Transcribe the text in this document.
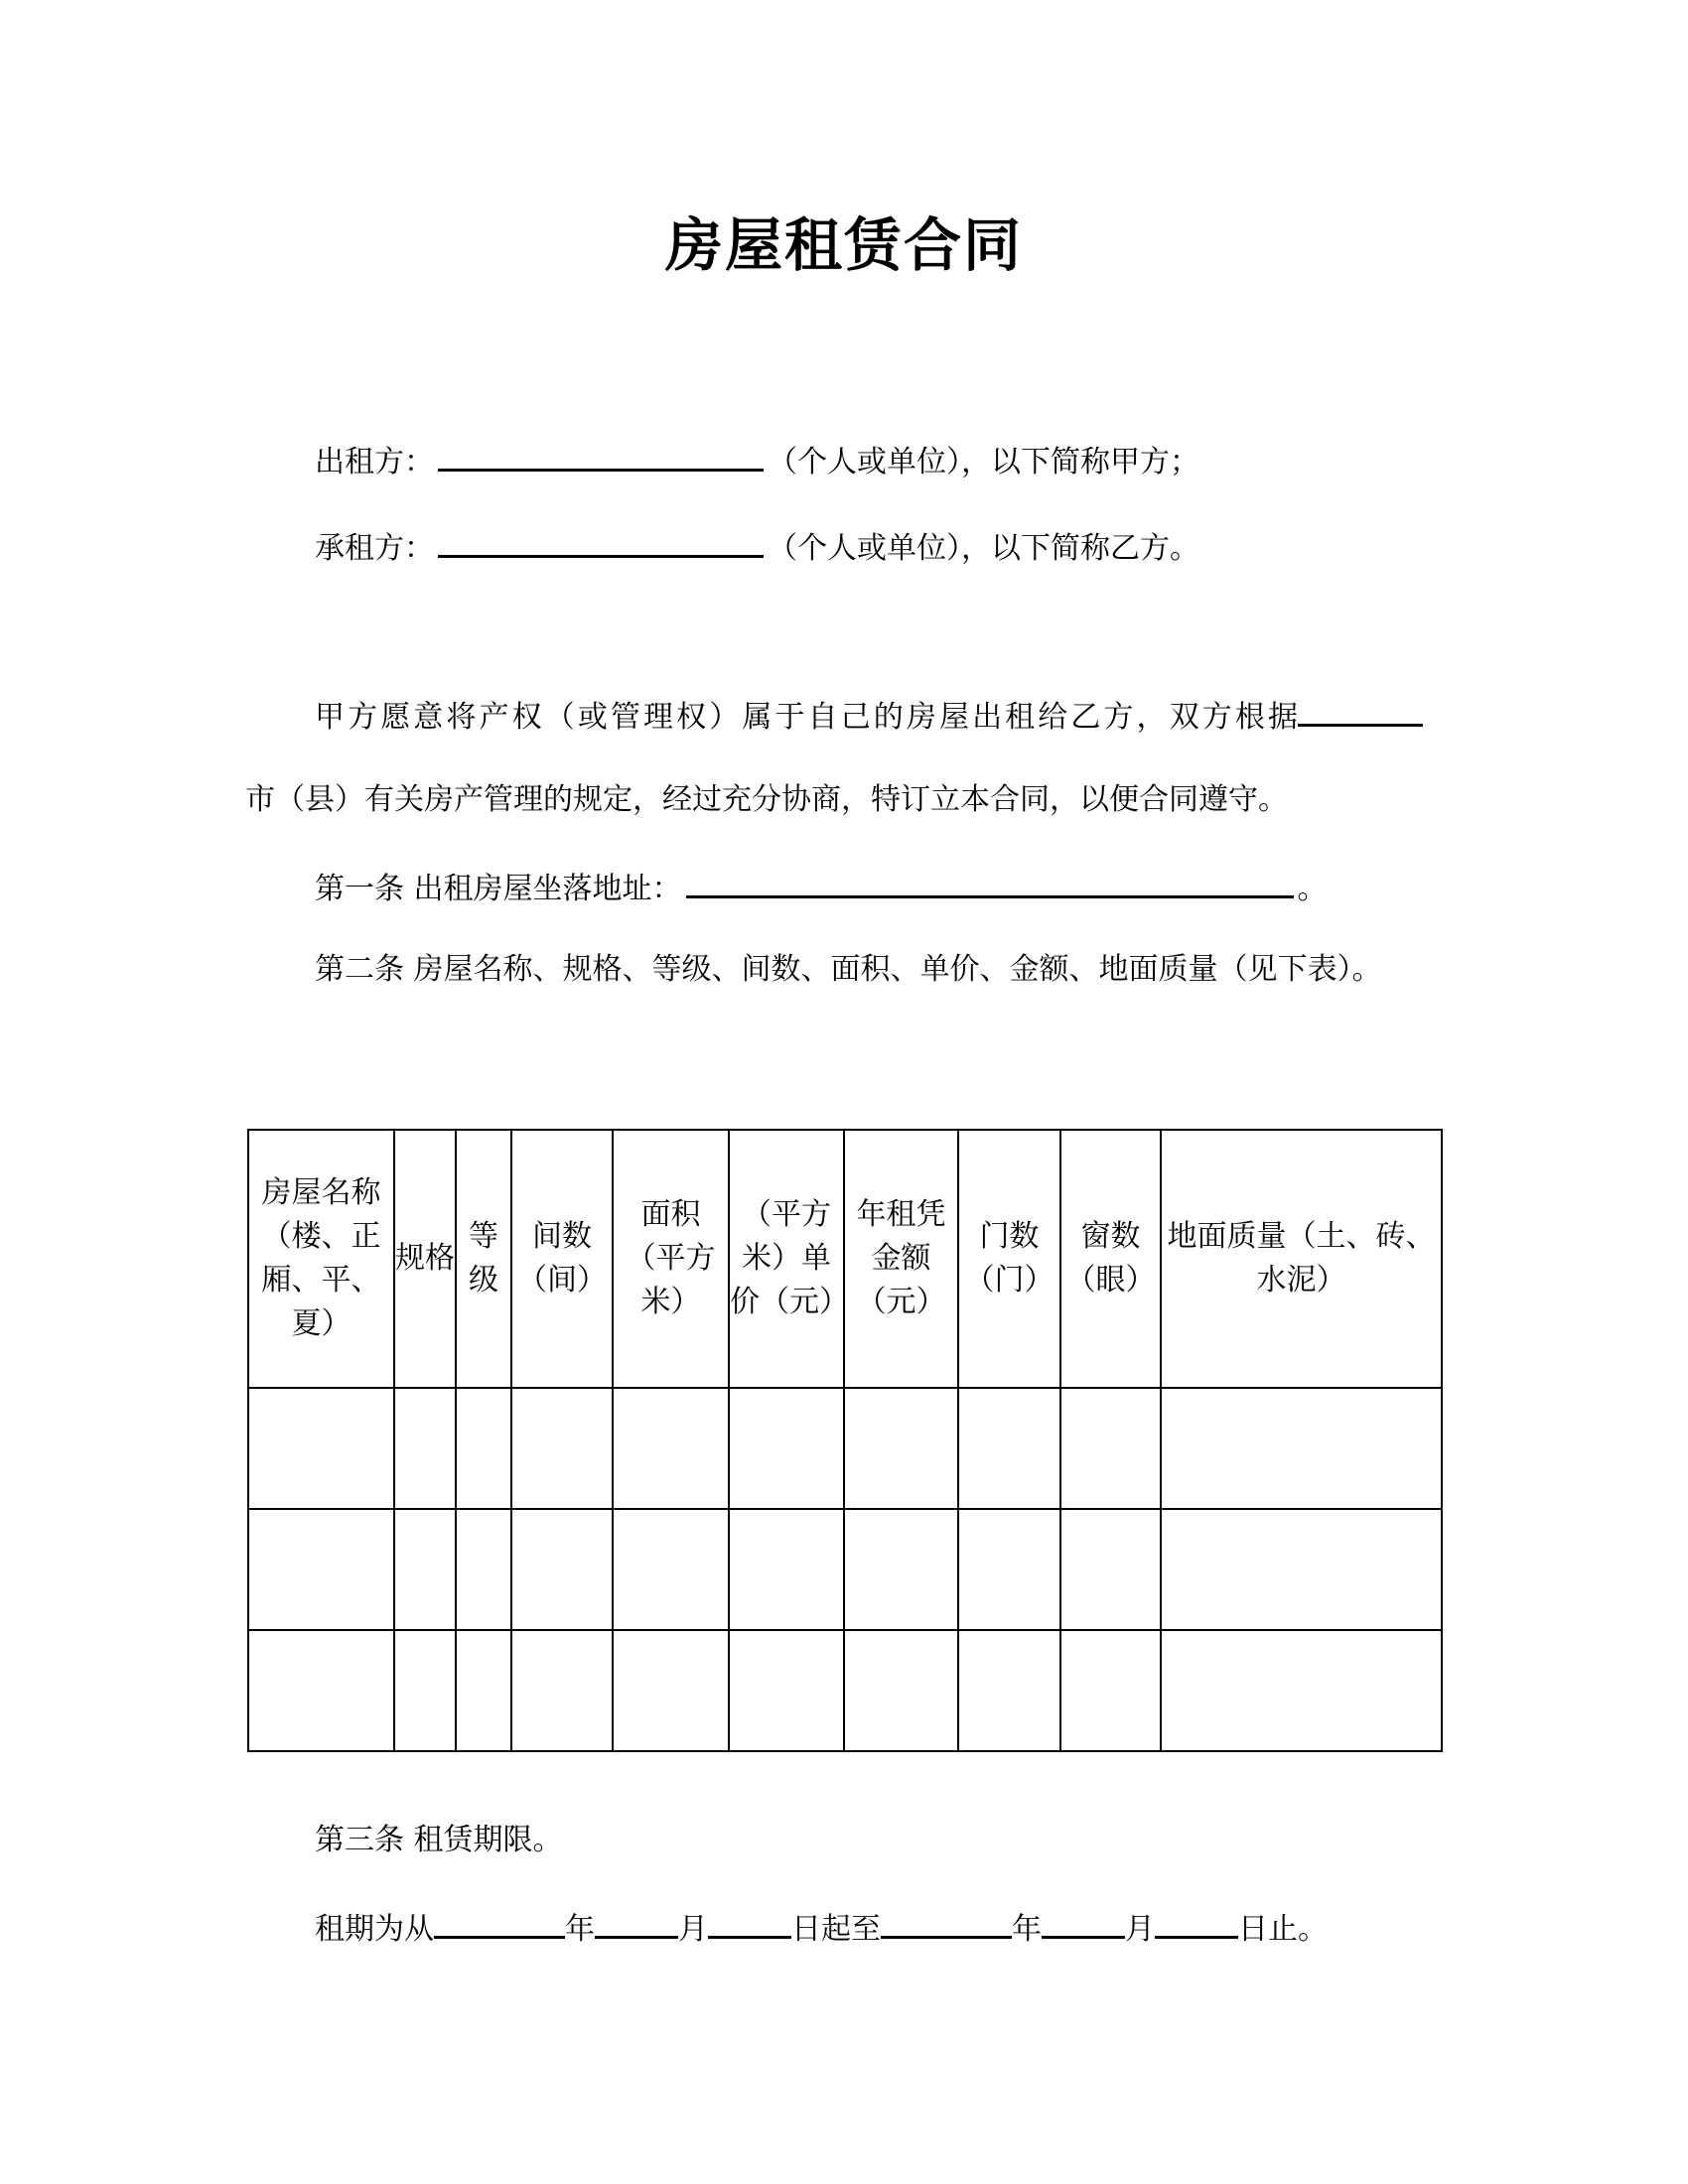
房屋租赁合同
出租方：	（个人或单位），以下简称甲方；
承租方：	（个人或单位），以下简称乙方。
甲方愿意将产权（或管理权）属于自己的房屋出租给乙方，双方根据
市（县）有关房产管理的规定，经过充分协商，特订立本合同，以便合同遵守。
第一条 出租房屋坐落地址：	。
第二条 房屋名称、规格、等级、间数、面积、单价、金额、地面质量（见下表）。
房屋名称（楼、正厢、平、夏）	规格	等级	间数（间）	面积（平方米）	（平方米）单价（元）	年租凭金额（元）	门数（门）	窗数（眼）	地面质量（土、砖、水泥）

第三条 租赁期限。
租期为从	年	月	日起至	年	月	日止。
